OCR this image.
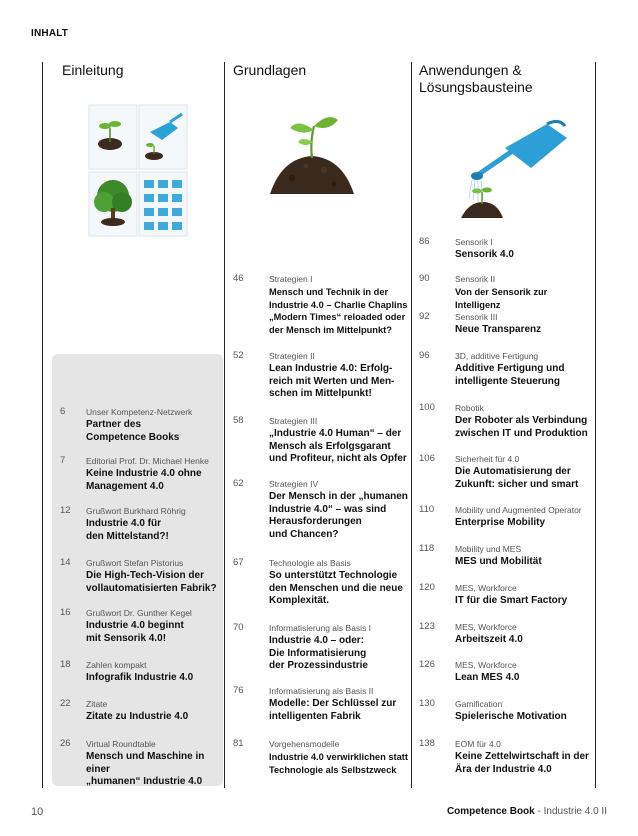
INHALT
Einleitung	Grundlagen	Anwendungen &
Lösungsbausteine
6	Unser Kompetenz-Netzwerk
Partner des
Competence Books
7	Editorial Prof. Dr. Michael Henke
Keine Industrie 4.0 ohne
Management 4.0
12	Grußwort Burkhard Röhrig
Industrie 4.0 für
den Mittelstand?!
14	Grußwort Stefan Pistorius
Die High-Tech-Vision der
vollautomatisierten Fabrik?
16	Grußwort Dr. Gunther Kegel
Industrie 4.0 beginnt
mit Sensorik 4.0!
18	Zahlen kompakt
Infografik Industrie 4.0
22	Zitate
Zitate zu Industrie 4.0
26	Virtual Roundtable
Mensch und Maschine in einer
„humanen“ Industrie 4.0
46	Strategien I
Mensch und Technik in der
Industrie 4.0 – Charlie Chaplins
„Modern Times“ reloaded oder
der Mensch im Mittelpunkt?
52	Strategien II
Lean Industrie 4.0: Erfolg-
reich mit Werten und Men-
schen im Mittelpunkt!
58	Strategien III
„Industrie 4.0 Human“ – der
Mensch als Erfolgsgarant
und Profiteur, nicht als Opfer
62	Strategien IV
Der Mensch in der „humanen
Industrie 4.0“ – was sind
Herausforderungen
und Chancen?
67	Technologie als Basis
So unterstützt Technologie
den Menschen und die neue
Komplexität.
70	Informatisierung als Basis I
Industrie 4.0 – oder:
Die Informatisierung
der Prozessindustrie
76	Informatisierung als Basis II
Modelle: Der Schlüssel zur
intelligenten Fabrik
81	Vorgehensmodelle
Industrie 4.0 verwirklichen statt
Technologie als Selbstzweck
86	Sensorik I
Sensorik 4.0
90	Sensorik II
Von der Sensorik zur Intelligenz
92	Sensorik III
Neue Transparenz
96	3D, additive Fertigung
Additive Fertigung und
intelligente Steuerung
100	Robotik
Der Roboter als Verbindung
zwischen IT und Produktion
106	Sicherheit für 4.0
Die Automatisierung der
Zukunft: sicher und smart
110	Mobility und Augmented Operator
Enterprise Mobility
118	Mobility und MES
MES und Mobilität
120	MES, Workforce
IT für die Smart Factory
123	MES, Workforce
Arbeitszeit 4.0
126	MES, Workforce
Lean MES 4.0
130	Gamification
Spielerische Motivation
138	EOM für 4.0
Keine Zettelwirtschaft in der
Ära der Industrie 4.0
10	Competence Book - Industrie 4.0 II
